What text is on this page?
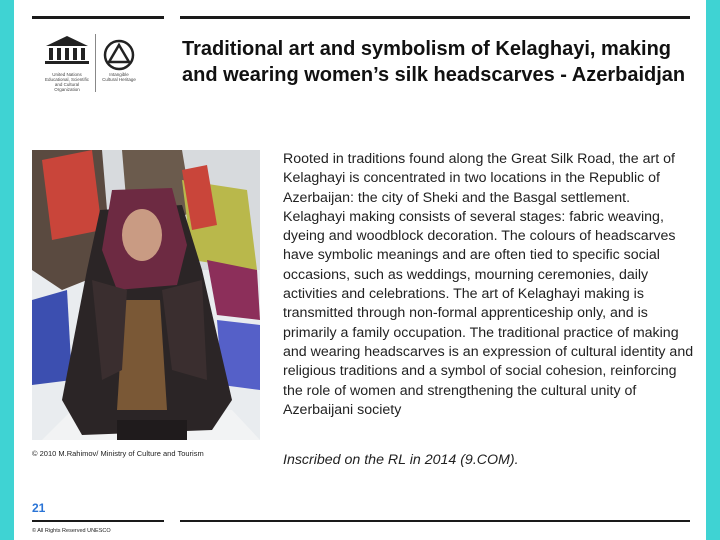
United Nations Educational, Scientific and Cultural Organization
Intangible Cultural Heritage
Traditional art and symbolism of Kelaghayi, making and wearing women’s silk headscarves - Azerbaidjan
Rooted in traditions found along the Great Silk Road, the art of Kelaghayi is concentrated in two locations in the Republic of Azerbaijan: the city of Sheki and the Basgal settlement. Kelaghayi making consists of several stages: fabric weaving, dyeing and woodblock decoration. The colours of headscarves have symbolic meanings and are often tied to specific social occasions, such as weddings, mourning ceremonies, daily activities and celebrations. The art of Kelaghayi making is transmitted through non-formal apprenticeship only, and is primarily a family occupation. The traditional practice of making and wearing headscarves is an expression of cultural identity and religious traditions and a symbol of social cohesion, reinforcing the role of women and strengthening the cultural unity of Azerbaijani society
© 2010 M.Rahimov/ Ministry of Culture and Tourism	Inscribed on the RL in 2014 (9.COM).
21
© All Rights Reserved UNESCO
